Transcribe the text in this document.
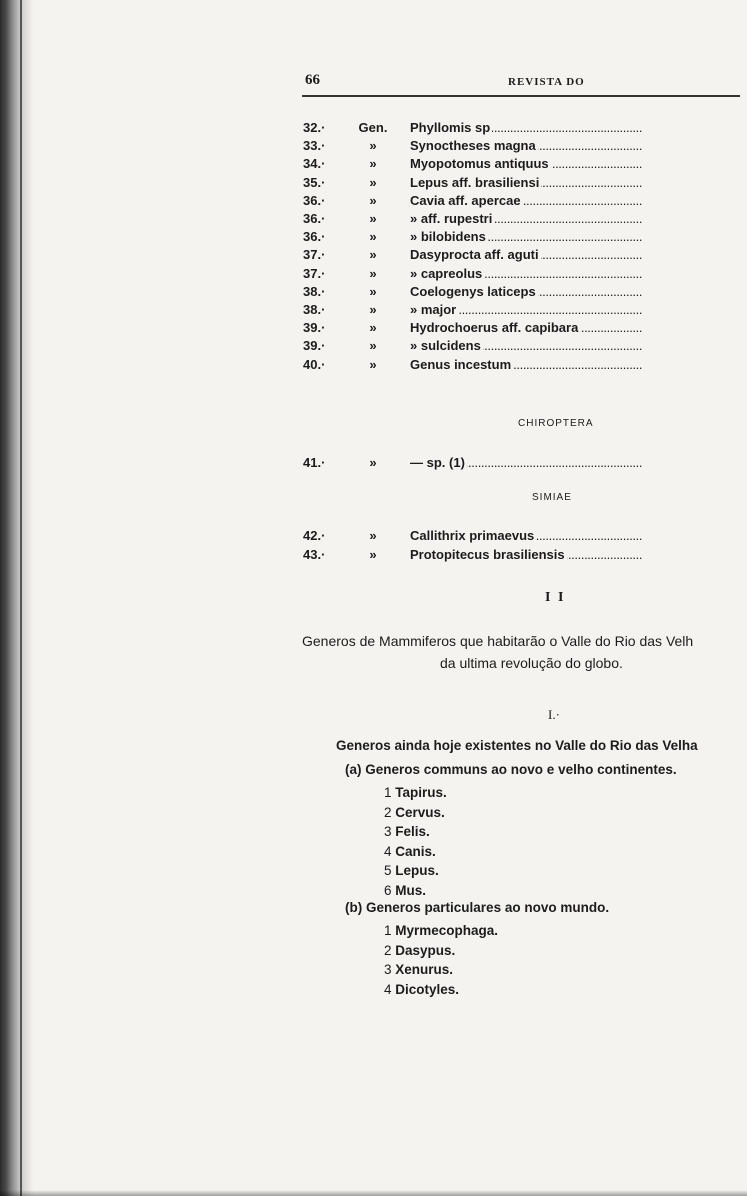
66	REVISTA DO
32.·	Gen.	Phyllomis sp . . .
33.·	»	Synoctheses magna . . .
34.·	»	Myopotomus antiquus . . .
35.·	»	Lepus aff. brasiliensi . . .
36.·	»	Cavia aff. apercae . . .
36.·	»	» aff. rupestri . . .
36.·	»	» bilobidens . . .
37.·	»	Dasyprocta aff. aguti . . .
37.·	»	» capreolus . . .
38.·	»	Coelogenys laticeps . . .
38.·	»	» major . . .
39.·	»	Hydrochoerus aff. capibara . . .
39.·	»	» sulcidens . . .
40.·	»	Genus incestum . . .
CHIROPTERA
41.·	»	— sp. (1) . . .
SIMIAE
42.·	»	Callithrix primaevus . . .
43.·	»	Protopitecus brasiliensis . . .
I I
Generos de Mammiferos que habitarão o Valle do Rio das Velh
da ultima revolução do globo.
I.·
Generos ainda hoje existentes no Valle do Rio das Velha
(a) Generos communs ao novo e velho continentes.
1 Tapirus.
2 Cervus.
3 Felis.
4 Canis.
5 Lepus.
6 Mus.
(b) Generos particulares ao novo mundo.
1 Myrmecophaga.
2 Dasypus.
3 Xenurus.
4 Dicotyles.
